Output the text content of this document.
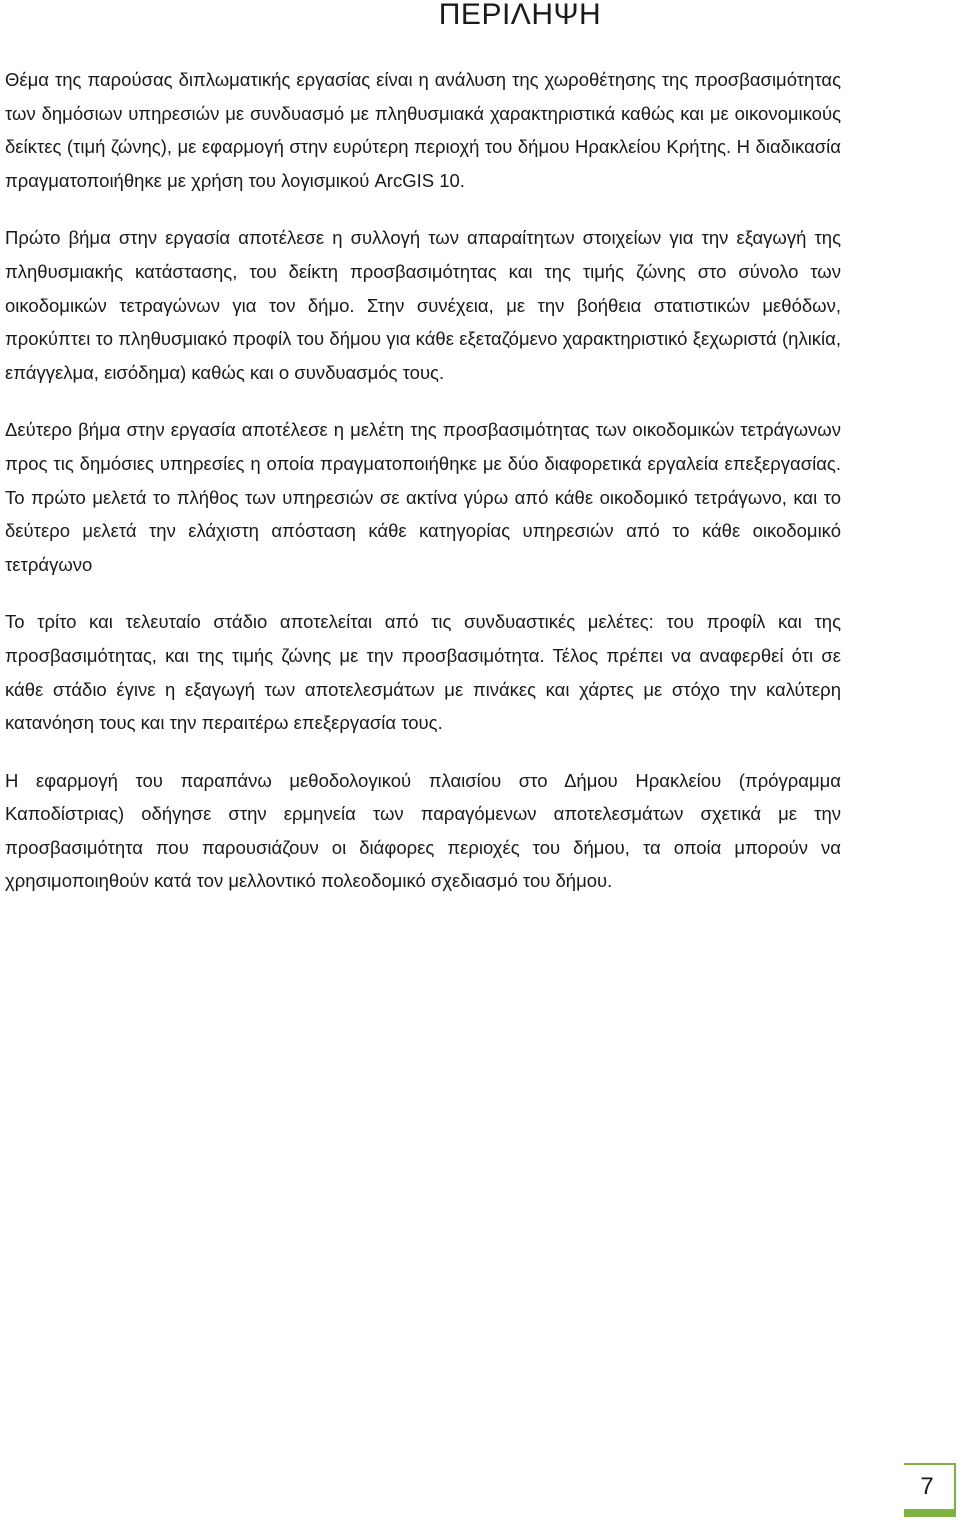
ΠΕΡΙΛΗΨΗ

Θέμα της παρούσας διπλωματικής εργασίας είναι η ανάλυση της χωροθέτησης της προσβασιμότητας των δημόσιων υπηρεσιών με συνδυασμό με πληθυσμιακά χαρακτηριστικά καθώς και με οικονομικούς δείκτες (τιμή ζώνης), με εφαρμογή στην ευρύτερη περιοχή του δήμου Ηρακλείου Κρήτης. Η διαδικασία πραγματοποιήθηκε με χρήση του λογισμικού ArcGIS 10.

Πρώτο βήμα στην εργασία αποτέλεσε η συλλογή των απαραίτητων στοιχείων για την εξαγωγή της πληθυσμιακής κατάστασης, του δείκτη προσβασιμότητας και της τιμής ζώνης στο σύνολο των οικοδομικών τετραγώνων για τον δήμο. Στην συνέχεια, με την βοήθεια στατιστικών μεθόδων, προκύπτει το πληθυσμιακό προφίλ του δήμου για κάθε εξεταζόμενο χαρακτηριστικό ξεχωριστά (ηλικία, επάγγελμα, εισόδημα) καθώς και ο συνδυασμός τους.

Δεύτερο βήμα στην εργασία αποτέλεσε η μελέτη της προσβασιμότητας των οικοδομικών τετράγωνων προς τις δημόσιες υπηρεσίες η οποία πραγματοποιήθηκε με δύο διαφορετικά εργαλεία επεξεργασίας. Το πρώτο μελετά το πλήθος των υπηρεσιών σε ακτίνα γύρω από κάθε οικοδομικό τετράγωνο, και το δεύτερο μελετά την ελάχιστη απόσταση κάθε κατηγορίας υπηρεσιών από το κάθε οικοδομικό τετράγωνο

Το τρίτο και τελευταίο στάδιο αποτελείται από τις συνδυαστικές μελέτες: του προφίλ και της προσβασιμότητας, και της τιμής ζώνης με την προσβασιμότητα. Τέλος πρέπει να αναφερθεί ότι σε κάθε στάδιο έγινε η εξαγωγή των αποτελεσμάτων με πινάκες και χάρτες με στόχο την καλύτερη κατανόηση τους και την περαιτέρω επεξεργασία τους.

Η εφαρμογή του παραπάνω μεθοδολογικού πλαισίου στο Δήμου Ηρακλείου (πρόγραμμα Καποδίστριας) οδήγησε στην ερμηνεία των παραγόμενων αποτελεσμάτων σχετικά με την προσβασιμότητα που παρουσιάζουν οι διάφορες περιοχές του δήμου, τα οποία μπορούν να χρησιμοποιηθούν κατά τον μελλοντικό πολεοδομικό σχεδιασμό του δήμου.

7
